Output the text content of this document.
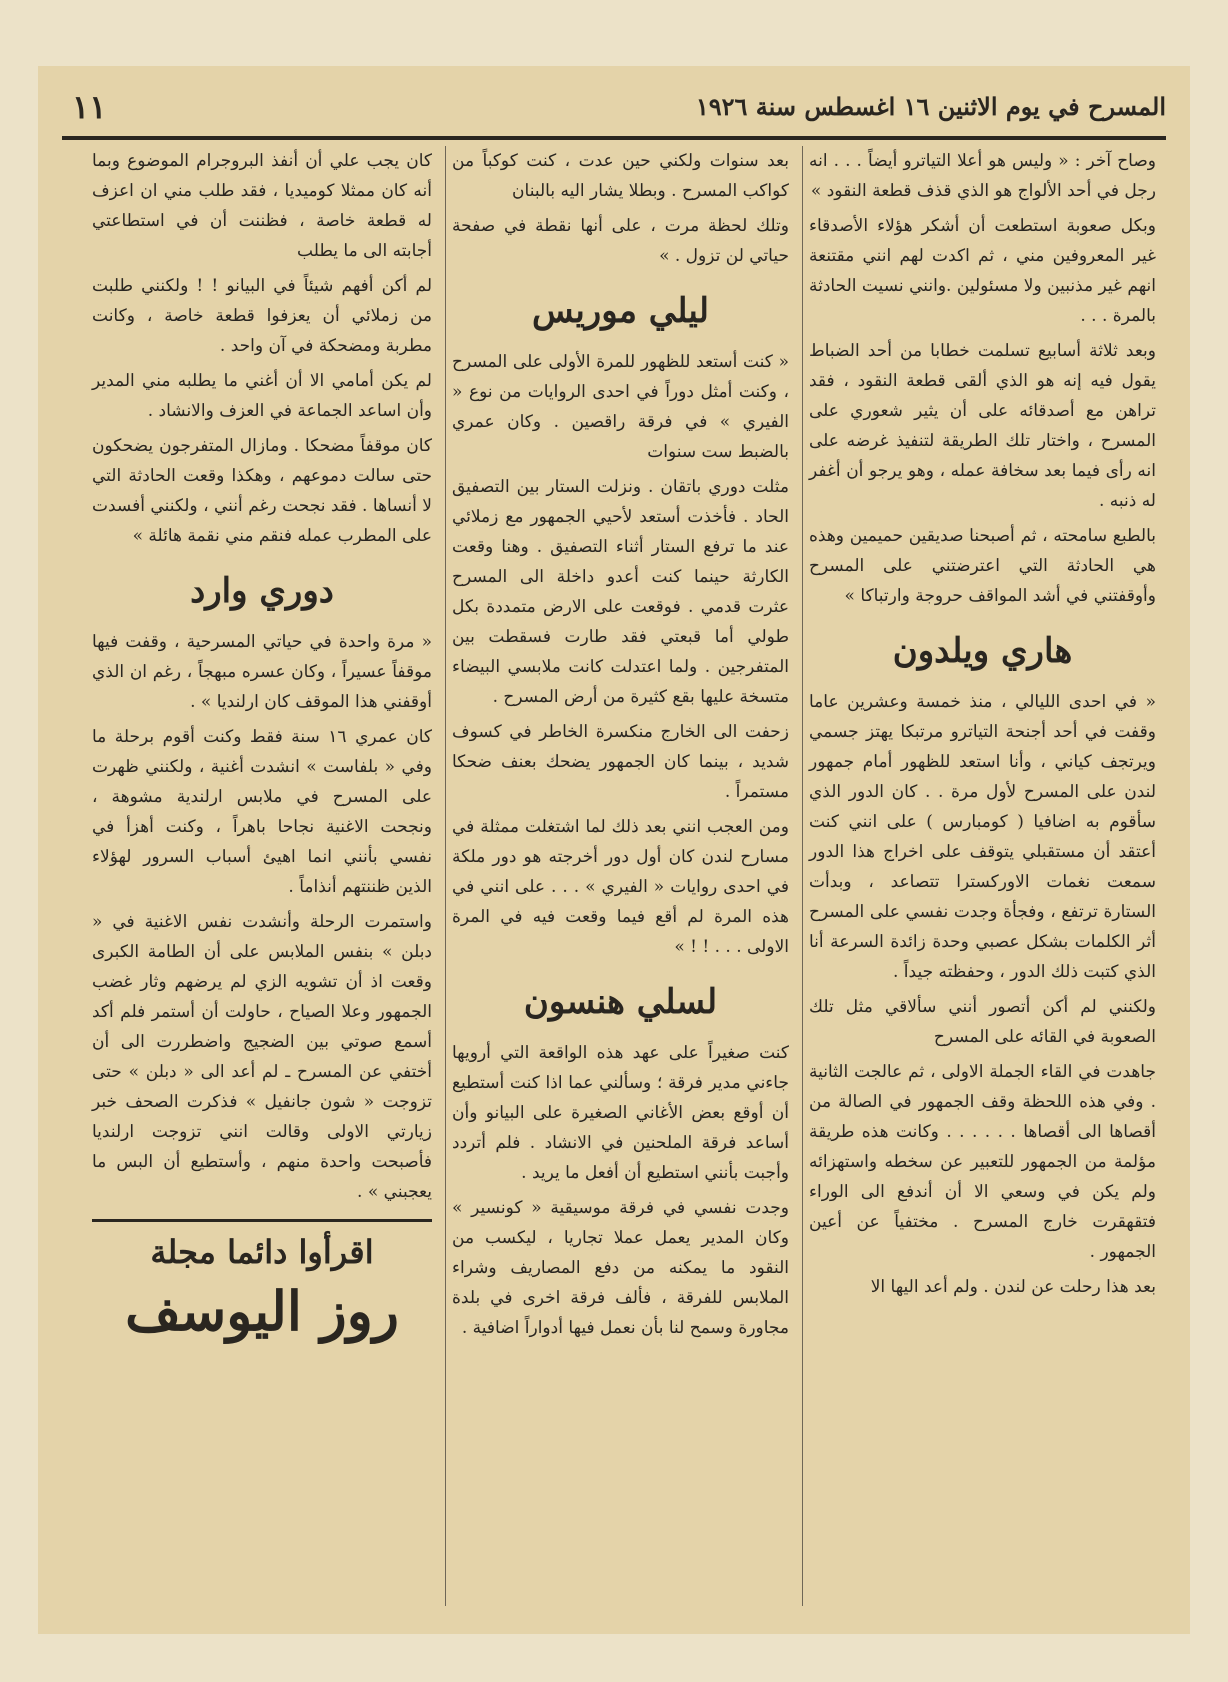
المسرح في يوم الاثنين ١٦ اغسطس سنة ١٩٢٦
١١

وصاح آخر : « وليس هو أعلا التياترو أيضاً . . . انه رجل في أحد الألواج هو الذي قذف قطعة النقود »

وبكل صعوبة استطعت أن أشكر هؤلاء الأصدقاء غير المعروفين مني ، ثم اكدت لهم انني مقتنعة انهم غير مذنبين ولا مسئولين .وانني نسيت الحادثة بالمرة . . .

وبعد ثلاثة أسابيع تسلمت خطابا من أحد الضباط يقول فيه إنه هو الذي ألقى قطعة النقود ، فقد تراهن مع أصدقائه على أن يثير شعوري على المسرح ، واختار تلك الطريقة لتنفيذ غرضه على انه رأى فيما بعد سخافة عمله ، وهو يرجو أن أغفر له ذنبه .

بالطبع سامحته ، ثم أصبحنا صديقين حميمين وهذه هي الحادثة التي اعترضتني على المسرح وأوقفتني في أشد المواقف حروجة وارتباكا »

هاري ويلدون

« في احدى الليالي ، منذ خمسة وعشرين عاما وقفت في أحد أجنحة التياترو مرتبكا يهتز جسمي ويرتجف كياني ، وأنا استعد للظهور أمام جمهور لندن على المسرح لأول مرة . . كان الدور الذي سأقوم به اضافيا ( كومبارس ) على انني كنت أعتقد أن مستقبلي يتوقف على اخراج هذا الدور سمعت نغمات الاوركسترا تتصاعد ، وبدأت الستارة ترتفع ، وفجأة وجدت نفسي على المسرح أثر الكلمات بشكل عصبي وحدة زائدة السرعة أنا الذي كتبت ذلك الدور ، وحفظته جيداً .

ولكنني لم أكن أتصور أنني سألاقي مثل تلك الصعوبة في القائه على المسرح

جاهدت في القاء الجملة الاولى ، ثم عالجت الثانية . وفي هذه اللحظة وقف الجمهور في الصالة من أقصاها الى أقصاها . . . . . . وكانت هذه طريقة مؤلمة من الجمهور للتعبير عن سخطه واستهزائه ولم يكن في وسعي الا أن أندفع الى الوراء فتقهقرت خارج المسرح . مختفياً عن أعين الجمهور .

بعد هذا رحلت عن لندن . ولم أعد اليها الا

بعد سنوات ولكني حين عدت ، كنت كوكباً من كواكب المسرح . وبطلا يشار اليه بالبنان

وتلك لحظة مرت ، على أنها نقطة في صفحة حياتي لن تزول . »

ليلي موريس

« كنت أستعد للظهور للمرة الأولى على المسرح ، وكنت أمثل دوراً في احدى الروايات من نوع « الفيري » في فرقة راقصين . وكان عمري بالضبط ست سنوات

مثلت دوري باتقان . ونزلت الستار بين التصفيق الحاد . فأخذت أستعد لأحيي الجمهور مع زملائي عند ما ترفع الستار أثناء التصفيق . وهنا وقعت الكارثة حينما كنت أعدو داخلة الى المسرح عثرت قدمي . فوقعت على الارض متمددة بكل طولي أما قبعتي فقد طارت فسقطت بين المتفرجين . ولما اعتدلت كانت ملابسي البيضاء متسخة عليها بقع كثيرة من أرض المسرح .

زحفت الى الخارج منكسرة الخاطر في كسوف شديد ، بينما كان الجمهور يضحك بعنف ضحكا مستمراً .

ومن العجب انني بعد ذلك لما اشتغلت ممثلة في مسارح لندن كان أول دور أخرجته هو دور ملكة في احدى روايات « الفيري » . . . على انني في هذه المرة لم أقع فيما وقعت فيه في المرة الاولى . . . ! ! »

لسلي هنسون

كنت صغيراً على عهد هذه الواقعة التي أرويها جاءني مدير فرقة ؛ وسألني عما اذا كنت أستطيع أن أوقع بعض الأغاني الصغيرة على البيانو وأن أساعد فرقة الملحنين في الانشاد . فلم أتردد وأجبت بأنني استطيع أن أفعل ما يريد .

وجدت نفسي في فرقة موسيقية « كونسير » وكان المدير يعمل عملا تجاريا ، ليكسب من النقود ما يمكنه من دفع المصاريف وشراء الملابس للفرقة ، فألف فرقة اخرى في بلدة مجاورة وسمح لنا بأن نعمل فيها أدواراً اضافية .

كان يجب علي أن أنفذ البروجرام الموضوع وبما أنه كان ممثلا كوميديا ، فقد طلب مني ان اعزف له قطعة خاصة ، فظننت أن في استطاعتي أجابته الى ما يطلب

لم أكن أفهم شيئاً في البيانو ! ! ولكنني طلبت من زملائي أن يعزفوا قطعة خاصة ، وكانت مطربة ومضحكة في آن واحد .

لم يكن أمامي الا أن أغني ما يطلبه مني المدير وأن اساعد الجماعة في العزف والانشاد .

كان موقفاً مضحكا . ومازال المتفرجون يضحكون حتى سالت دموعهم ، وهكذا وقعت الحادثة التي لا أنساها . فقد نجحت رغم أنني ، ولكنني أفسدت على المطرب عمله فنقم مني نقمة هائلة »

دوري وارد

« مرة واحدة في حياتي المسرحية ، وقفت فيها موقفاً عسيراً ، وكان عسره مبهجاً ، رغم ان الذي أوقفني هذا الموقف كان ارلنديا » .

كان عمري ١٦ سنة فقط وكنت أقوم برحلة ما وفي « بلفاست » انشدت أغنية ، ولكنني ظهرت على المسرح في ملابس ارلندية مشوهة ، ونجحت الاغنية نجاحا باهراً ، وكنت أهزأ في نفسي بأنني انما اهيئ أسباب السرور لهؤلاء الذين ظننتهم أنذاماً .

واستمرت الرحلة وأنشدت نفس الاغنية في « دبلن » بنفس الملابس على أن الطامة الكبرى وقعت اذ أن تشويه الزي لم يرضهم وثار غضب الجمهور وعلا الصياح ، حاولت أن أستمر فلم أكد أسمع صوتي بين الضجيج واضطررت الى أن أختفي عن المسرح ـ لم أعد الى « دبلن » حتى تزوجت « شون جانفيل » فذكرت الصحف خبر زيارتي الاولى وقالت انني تزوجت ارلنديا فأصبحت واحدة منهم ، وأستطيع أن البس ما يعجبني » .

اقرأوا دائما مجلة
روز اليوسف
